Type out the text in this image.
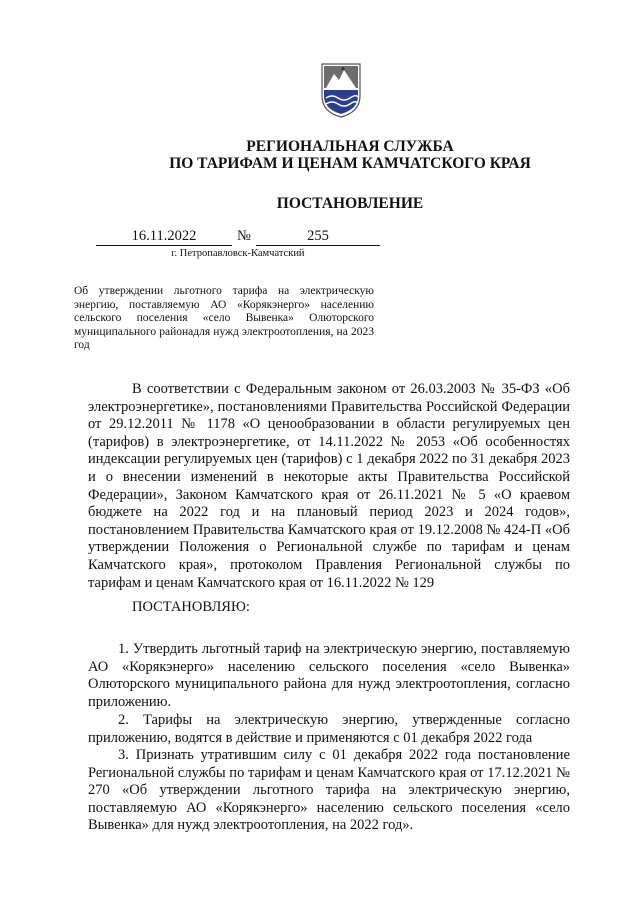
РЕГИОНАЛЬНАЯ СЛУЖБА
ПО ТАРИФАМ И ЦЕНАМ КАМЧАТСКОГО КРАЯ
ПОСТАНОВЛЕНИЕ
16.11.2022	№	255
г. Петропавловск-Камчатский
Об утверждении льготного тарифа на электрическую энергию, поставляемую АО «Корякэнерго» населению сельского поселения «село Вывенка» Олюторского муниципального районадля нужд электроотопления, на 2023 год

В соответствии с Федеральным законом от 26.03.2003 № 35-ФЗ «Об электроэнергетике», постановлениями Правительства Российской Федерации от 29.12.2011 № 1178 «О ценообразовании в области регулируемых цен (тарифов) в электроэнергетике, от 14.11.2022 № 2053 «Об особенностях индексации регулируемых цен (тарифов) с 1 декабря 2022 по 31 декабря 2023 и о внесении изменений в некоторые акты Правительства Российской Федерации», Законом Камчатского края от 26.11.2021 № 5 «О краевом бюджете на 2022 год и на плановый период 2023 и 2024 годов», постановлением Правительства Камчатского края от 19.12.2008 № 424-П «Об утверждении Положения о Региональной службе по тарифам и ценам Камчатского края», протоколом Правления Региональной службы по тарифам и ценам Камчатского края от 16.11.2022 № 129

ПОСТАНОВЛЯЮ:

1. Утвердить льготный тариф на электрическую энергию, поставляемую АО «Корякэнерго» населению сельского поселения «село Вывенка» Олюторского муниципального района для нужд электроотопления, согласно приложению.

2. Тарифы на электрическую энергию, утвержденные согласно приложению, водятся в действие и применяются с 01 декабря 2022 года

3. Признать утратившим силу с 01 декабря 2022 года постановление Региональной службы по тарифам и ценам Камчатского края от 17.12.2021 № 270 «Об утверждении льготного тарифа на электрическую энергию, поставляемую АО «Корякэнерго» населению сельского поселения «село Вывенка» для нужд электроотопления, на 2022 год».
